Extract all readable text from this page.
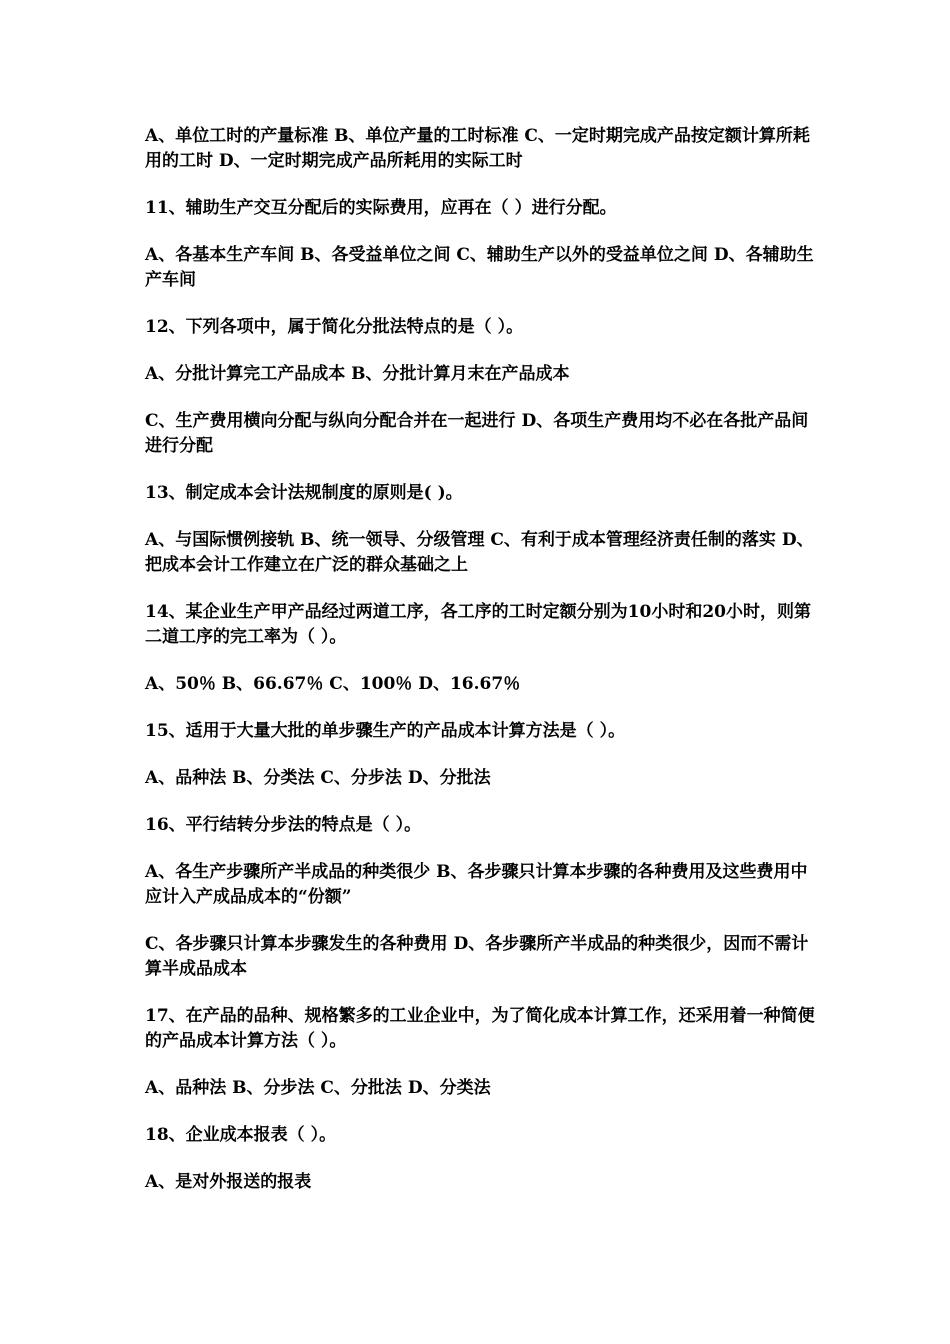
A、单位工时的产量标准 B、单位产量的工时标准 C、一定时期完成产品按定额计算所耗用的工时 D、一定时期完成产品所耗用的实际工时

11、辅助生产交互分配后的实际费用，应再在（ ）进行分配。

A、各基本生产车间 B、各受益单位之间 C、辅助生产以外的受益单位之间 D、各辅助生产车间

12、下列各项中，属于简化分批法特点的是（ ）。

A、分批计算完工产品成本 B、分批计算月末在产品成本

C、生产费用横向分配与纵向分配合并在一起进行 D、各项生产费用均不必在各批产品间进行分配

13、制定成本会计法规制度的原则是( )。

A、与国际惯例接轨 B、统一领导、分级管理 C、有利于成本管理经济责任制的落实 D、把成本会计工作建立在广泛的群众基础之上

14、某企业生产甲产品经过两道工序，各工序的工时定额分别为10小时和20小时，则第二道工序的完工率为（ ）。

A、50％ B、66.67％ C、100％ D、16.67％

15、适用于大量大批的单步骤生产的产品成本计算方法是（ ）。

A、品种法 B、分类法 C、分步法 D、分批法

16、平行结转分步法的特点是（ ）。

A、各生产步骤所产半成品的种类很少 B、各步骤只计算本步骤的各种费用及这些费用中应计入产成品成本的“份额”

C、各步骤只计算本步骤发生的各种费用 D、各步骤所产半成品的种类很少，因而不需计算半成品成本

17、在产品的品种、规格繁多的工业企业中，为了简化成本计算工作，还采用着一种简便的产品成本计算方法（ ）。

A、品种法 B、分步法 C、分批法 D、分类法

18、企业成本报表（ ）。

A、是对外报送的报表
